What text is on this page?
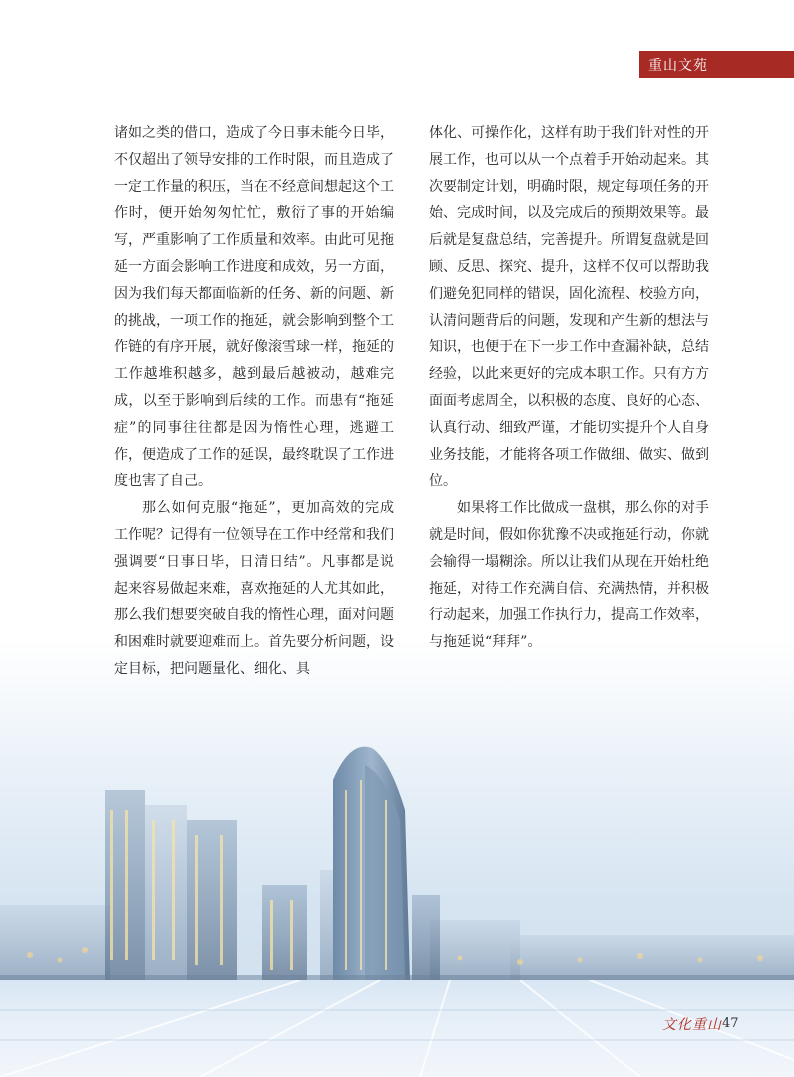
重山文苑

诸如之类的借口，造成了今日事未能今日毕，不仅超出了领导安排的工作时限，而且造成了一定工作量的积压，当在不经意间想起这个工作时，便开始匆匆忙忙，敷衍了事的开始编写，严重影响了工作质量和效率。由此可见拖延一方面会影响工作进度和成效，另一方面，因为我们每天都面临新的任务、新的问题、新的挑战，一项工作的拖延，就会影响到整个工作链的有序开展，就好像滚雪球一样，拖延的工作越堆积越多，越到最后越被动，越难完成，以至于影响到后续的工作。而患有“拖延症”的同事往往都是因为惰性心理，逃避工作，便造成了工作的延误，最终耽误了工作进度也害了自己。

那么如何克服“拖延”，更加高效的完成工作呢？记得有一位领导在工作中经常和我们强调要“日事日毕，日清日结”。凡事都是说起来容易做起来难，喜欢拖延的人尤其如此，那么我们想要突破自我的惰性心理，面对问题和困难时就要迎难而上。首先要分析问题，设定目标，把问题量化、细化、具

体化、可操作化，这样有助于我们针对性的开展工作，也可以从一个点着手开始动起来。其次要制定计划，明确时限，规定每项任务的开始、完成时间，以及完成后的预期效果等。最后就是复盘总结，完善提升。所谓复盘就是回顾、反思、探究、提升，这样不仅可以帮助我们避免犯同样的错误，固化流程、校验方向，认清问题背后的问题，发现和产生新的想法与知识，也便于在下一步工作中查漏补缺，总结经验，以此来更好的完成本职工作。只有方方面面考虑周全，以积极的态度、良好的心态、认真行动、细致严谨，才能切实提升个人自身业务技能，才能将各项工作做细、做实、做到位。

如果将工作比做成一盘棋，那么你的对手就是时间，假如你犹豫不决或拖延行动，你就会输得一塌糊涂。所以让我们从现在开始杜绝拖延，对待工作充满自信、充满热情，并积极行动起来，加强工作执行力，提高工作效率，与拖延说“拜拜”。

文化重山 47
